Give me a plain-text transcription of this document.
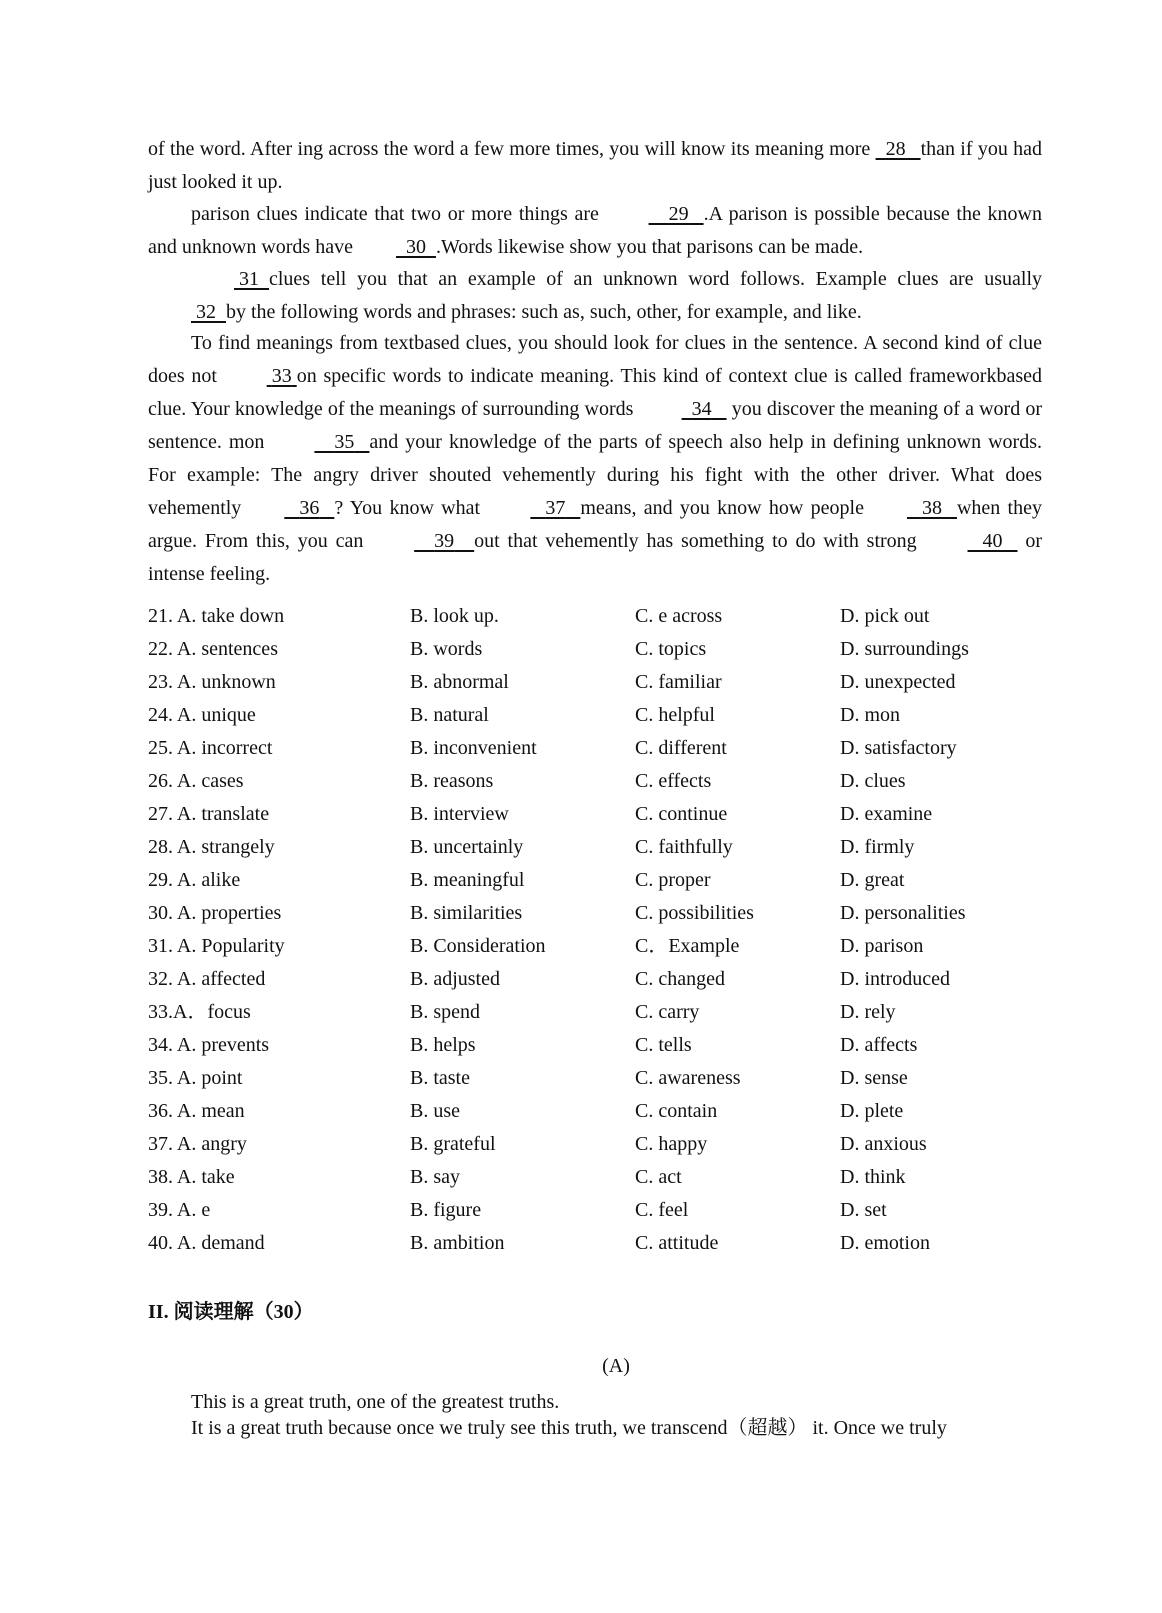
of the word. After ing across the word a few more times, you will know its meaning more   28 than if you had just looked it up.

parison clues indicate that two or more things are	29 .A parison is possible because the known and unknown words have	30 .Words likewise show you that parisons can be made.

31 clues tell you that an example of an unknown word follows. Example clues are usually  32 by the following words and phrases: such as, such, other, for example, and like.

To find meanings from textbased clues, you should look for clues in the sentence. A second kind of clue does not  33 on specific words to indicate meaning. This kind of context clue is called frameworkbased clue. Your knowledge of the meanings of surrounding words	34    you discover the meaning of a word or sentence. mon	35 and your knowledge of the parts of speech also help in defining unknown words. For example: The angry driver shouted vehemently during his fight with the other driver. What does vehemently	36 ? You know what	37 means, and you know how people	38 when they argue. From this, you can	39 out that vehemently has something to do with strong	40    or intense feeling.

21. A. take down	B. look up.	C. e across	D. pick out
22. A. sentences	B. words	C. topics	D. surroundings
23. A. unknown	B. abnormal	C. familiar	D. unexpected
24. A. unique	B. natural	C. helpful	D. mon
25. A. incorrect	B. inconvenient	C. different	D. satisfactory
26. A. cases	B. reasons	C. effects	D. clues
27. A. translate	B. interview	C. continue	D. examine
28. A. strangely	B. uncertainly	C. faithfully	D. firmly
29. A. alike	B. meaningful	C. proper	D. great
30. A. properties	B. similarities	C. possibilities	D. personalities
31. A. Popularity	B. Consideration	C．Example	D. parison
32. A. affected	B. adjusted	C. changed	D. introduced
33.A．focus	B. spend	C. carry	D. rely
34. A. prevents	B. helps	C. tells	D. affects
35. A. point	B. taste	C. awareness	D. sense
36. A. mean	B. use	C. contain	D. plete
37. A. angry	B. grateful	C. happy	D. anxious
38. A. take	B. say	C. act	D. think
39. A. e	B. figure	C. feel	D. set
40. A. demand	B. ambition	C. attitude	D. emotion

II. 阅读理解（30）

(A)

This is a great truth, one of the greatest truths.

It is a great truth because once we truly see this truth, we transcend（超越） it. Once we truly
